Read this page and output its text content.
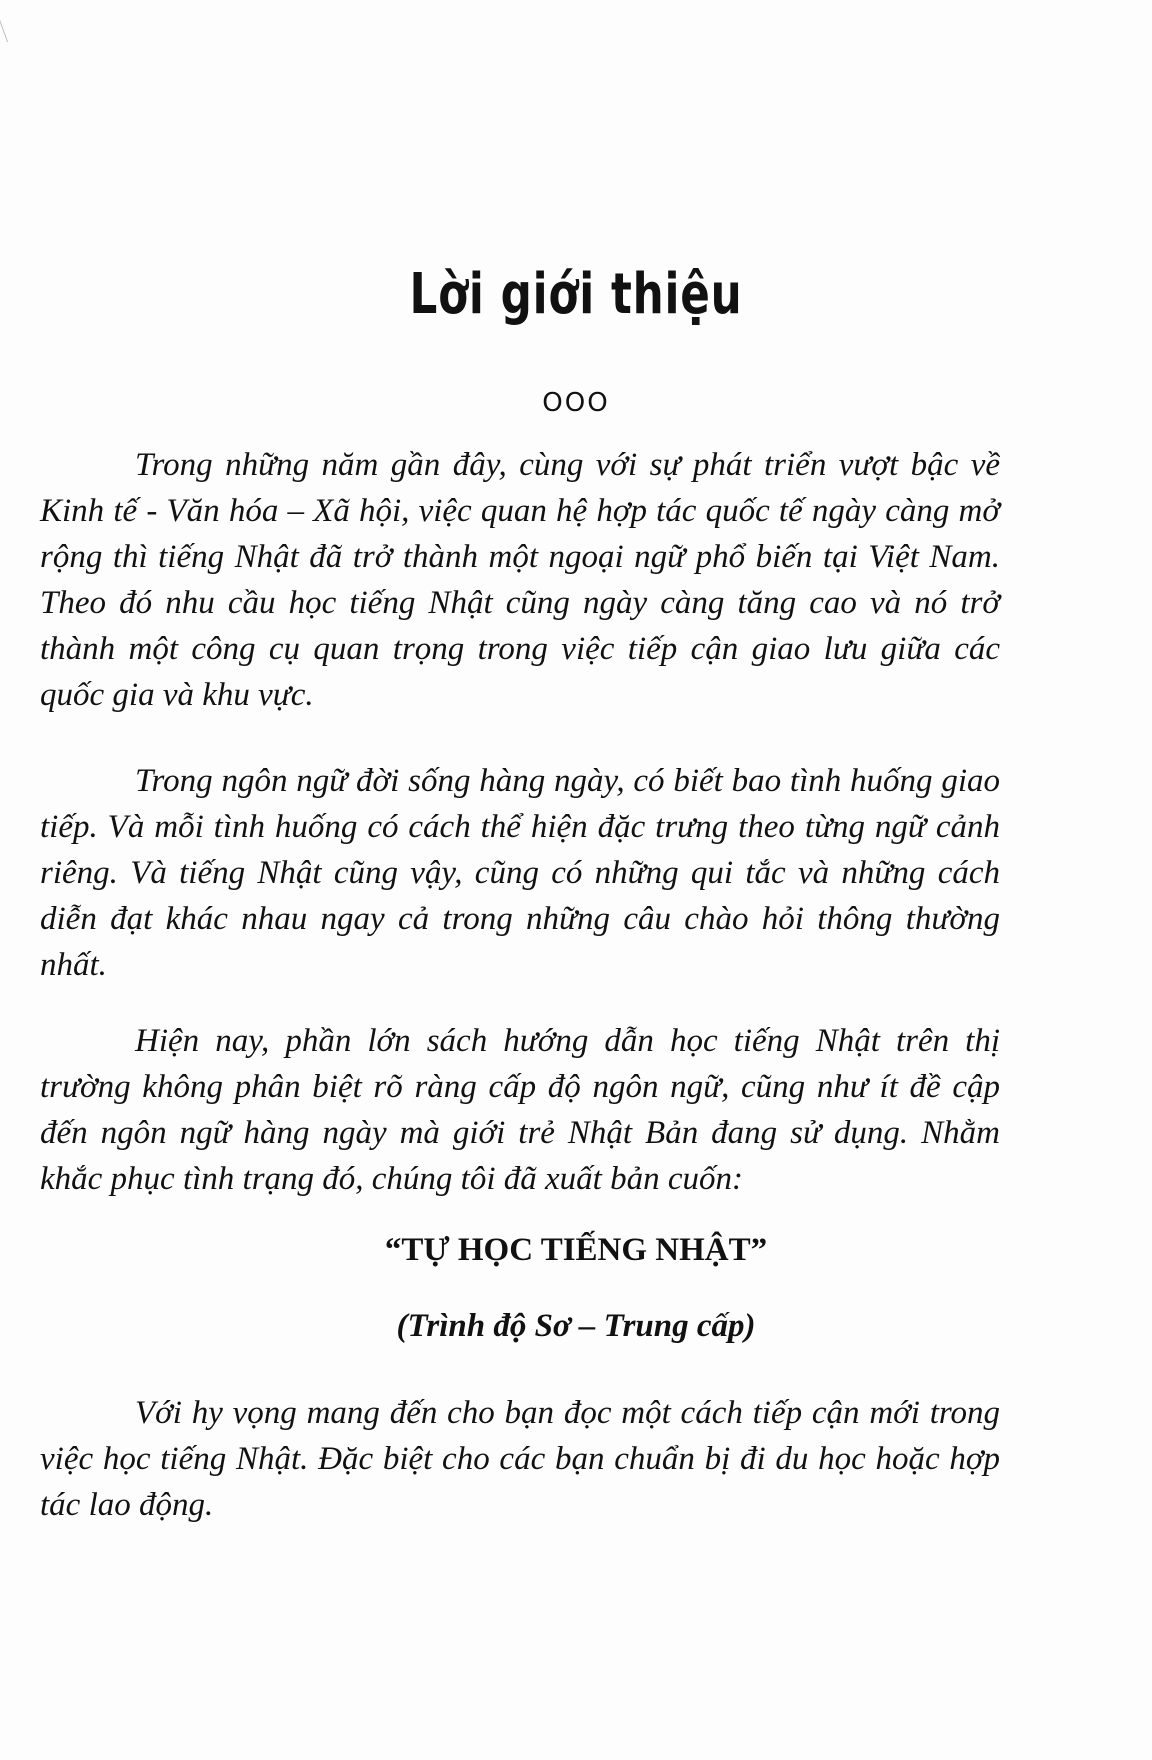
Lời giới thiệu
OOO

Trong những năm gần đây, cùng với sự phát triển vượt bậc về Kinh tế - Văn hóa – Xã hội, việc quan hệ hợp tác quốc tế ngày càng mở rộng thì tiếng Nhật đã trở thành một ngoại ngữ phổ biến tại Việt Nam. Theo đó nhu cầu học tiếng Nhật cũng ngày càng tăng cao và nó trở thành một công cụ quan trọng trong việc tiếp cận giao lưu giữa các quốc gia và khu vực.

Trong ngôn ngữ đời sống hàng ngày, có biết bao tình huống giao tiếp. Và mỗi tình huống có cách thể hiện đặc trưng theo từng ngữ cảnh riêng. Và tiếng Nhật cũng vậy, cũng có những qui tắc và những cách diễn đạt khác nhau ngay cả trong những câu chào hỏi thông thường nhất.

Hiện nay, phần lớn sách hướng dẫn học tiếng Nhật trên thị trường không phân biệt rõ ràng cấp độ ngôn ngữ, cũng như ít đề cập đến ngôn ngữ hàng ngày mà giới trẻ Nhật Bản đang sử dụng. Nhằm khắc phục tình trạng đó, chúng tôi đã xuất bản cuốn:

“TỰ HỌC TIẾNG NHẬT”
(Trình độ Sơ – Trung cấp)

Với hy vọng mang đến cho bạn đọc một cách tiếp cận mới trong việc học tiếng Nhật. Đặc biệt cho các bạn chuẩn bị đi du học hoặc hợp tác lao động.
